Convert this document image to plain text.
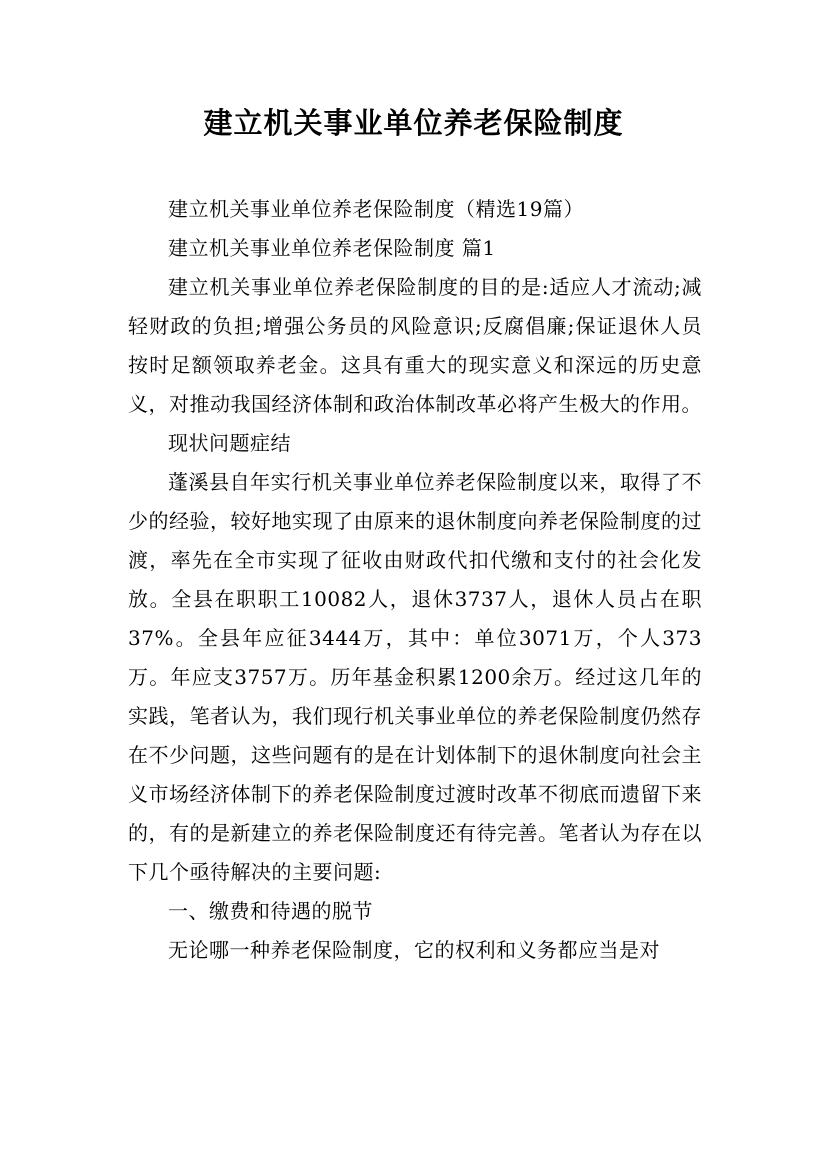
建立机关事业单位养老保险制度

建立机关事业单位养老保险制度（精选19篇）

建立机关事业单位养老保险制度 篇1

建立机关事业单位养老保险制度的目的是:适应人才流动;减轻财政的负担;增强公务员的风险意识;反腐倡廉;保证退休人员按时足额领取养老金。这具有重大的现实意义和深远的历史意义，对推动我国经济体制和政治体制改革必将产生极大的作用。

现状问题症结

蓬溪县自年实行机关事业单位养老保险制度以来，取得了不少的经验，较好地实现了由原来的退休制度向养老保险制度的过渡，率先在全市实现了征收由财政代扣代缴和支付的社会化发放。全县在职职工10082人，退休3737人，退休人员占在职37%。全县年应征3444万，其中：单位3071万，个人373万。年应支3757万。历年基金积累1200余万。经过这几年的实践，笔者认为，我们现行机关事业单位的养老保险制度仍然存在不少问题，这些问题有的是在计划体制下的退休制度向社会主义市场经济体制下的养老保险制度过渡时改革不彻底而遗留下来的，有的是新建立的养老保险制度还有待完善。笔者认为存在以下几个亟待解决的主要问题:

一、缴费和待遇的脱节

无论哪一种养老保险制度，它的权利和义务都应当是对
